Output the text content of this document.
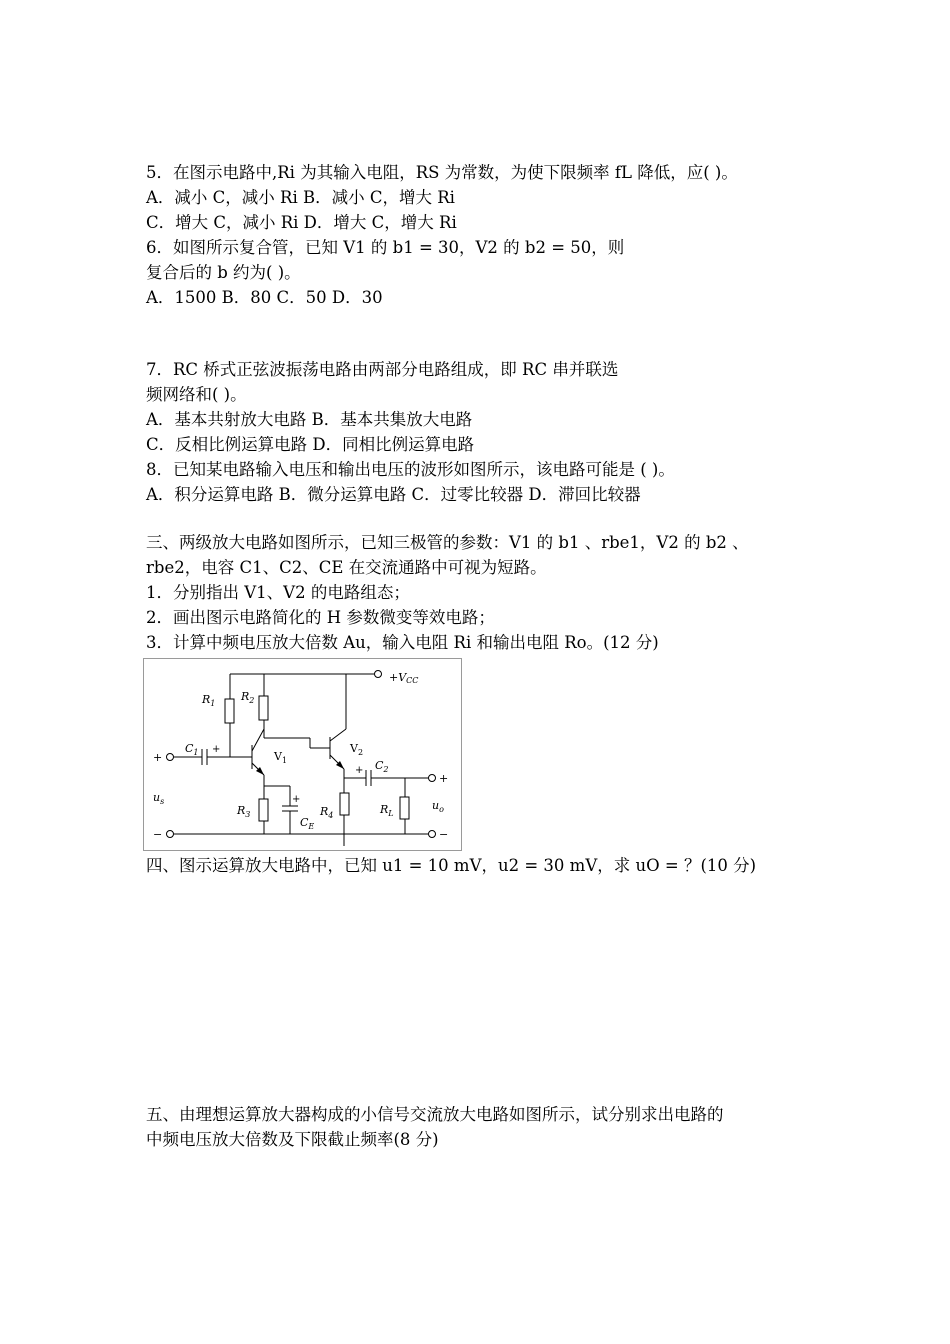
5．在图示电路中,Ri 为其输入电阻，RS 为常数，为使下限频率 fL 降低，应( )。
A．减小 C，减小 Ri B．减小 C，增大 Ri
C．增大 C，减小 Ri D．增大 C，增大 Ri
6．如图所示复合管，已知 V1 的 b1 = 30，V2 的 b2 = 50，则
复合后的 b 约为( )。
A．1500 B．80 C．50 D．30
7．RC 桥式正弦波振荡电路由两部分电路组成，即 RC 串并联选
频网络和( )。
A．基本共射放大电路 B．基本共集放大电路
C．反相比例运算电路 D．同相比例运算电路
8．已知某电路输入电压和输出电压的波形如图所示，该电路可能是 ( )。
A．积分运算电路 B．微分运算电路 C．过零比较器 D．滞回比较器
三、两级放大电路如图所示，已知三极管的参数：V1 的 b1 、rbe1，V2 的 b2 、
rbe2，电容 C1、C2、CE 在交流通路中可视为短路。
1．分别指出 V1、V2 的电路组态；
2．画出图示电路简化的 H 参数微变等效电路；
3．计算中频电压放大倍数 Au，输入电阻 Ri 和输出电阻 Ro。(12 分)
+VCC
$R_1$
$R_2$
$R_3$	$R_4$	$R_L$
$C_1$ +
$C_2$
+
$C_E$
+
$V_1$
$V_2$
+
−
$u_s$
+
−
$u_o$
四、图示运算放大电路中，已知 u1 = 10 mV，u2 = 30 mV，求 uO = ？(10 分)
五、由理想运算放大器构成的小信号交流放大电路如图所示，试分别求出电路的
中频电压放大倍数及下限截止频率(8 分)
